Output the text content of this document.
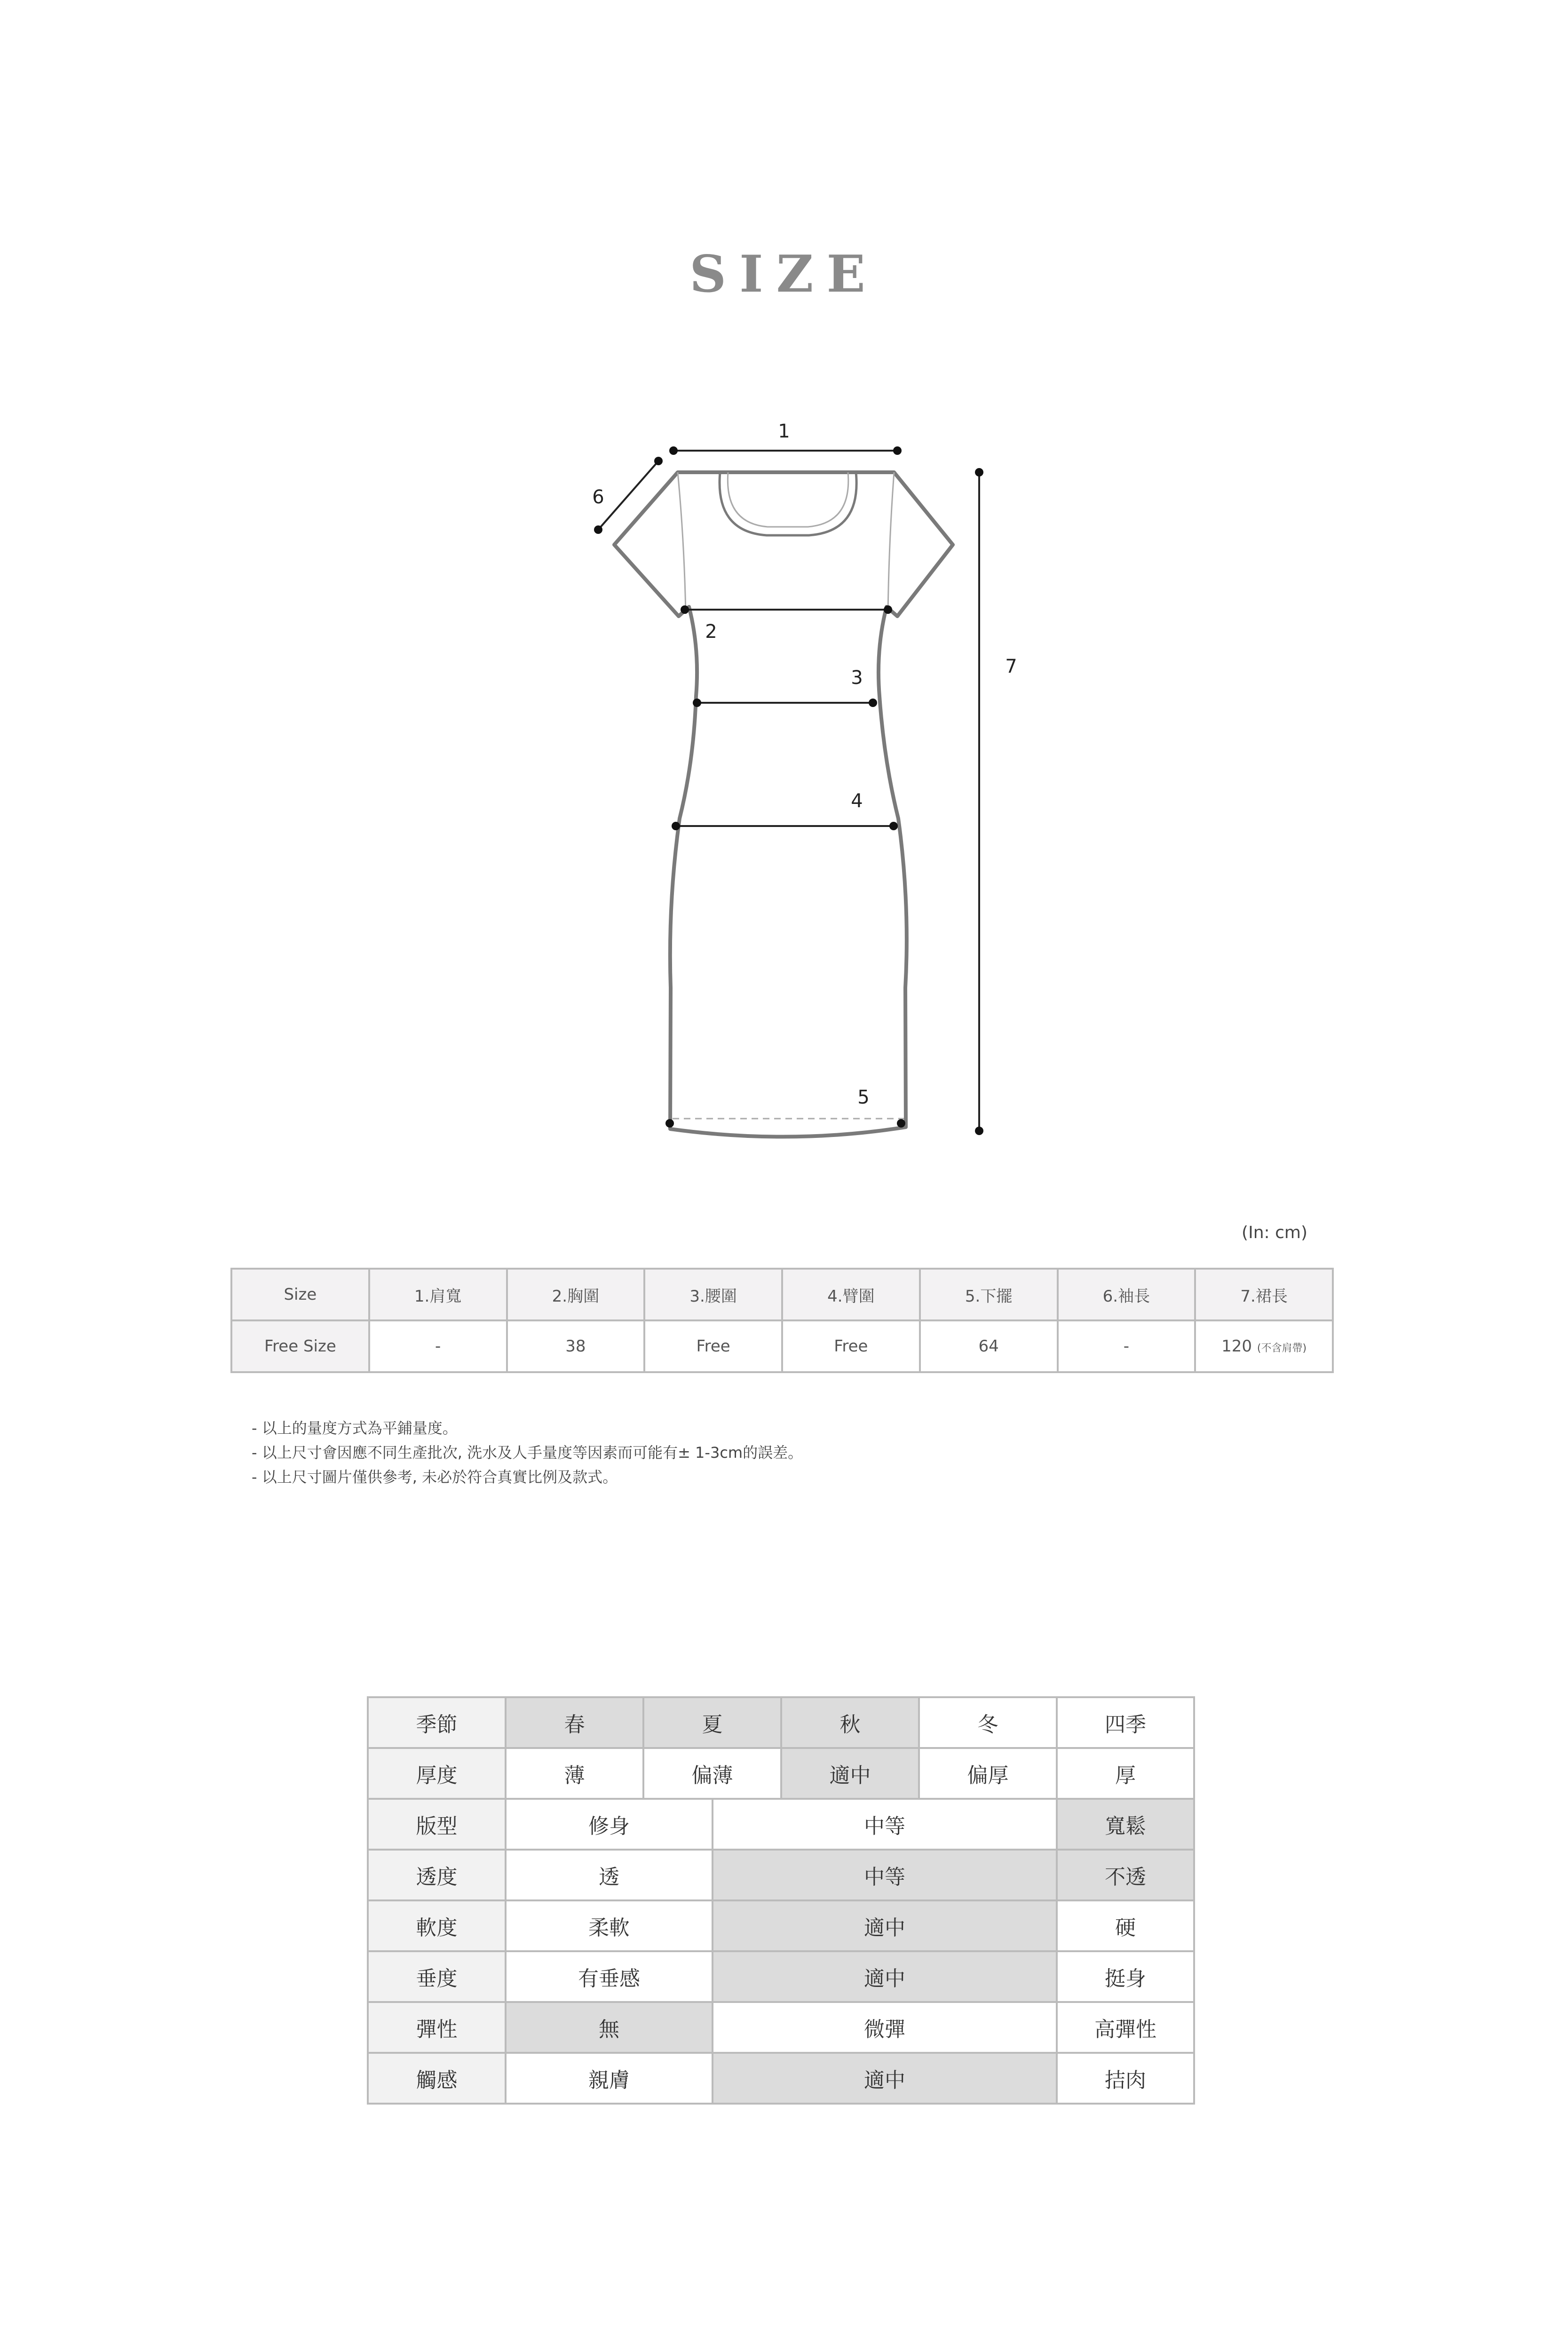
SIZE
1
2
3
4
5
6
7
(In: cm)
Size	1.肩寬	2.胸圍	3.腰圍	4.臂圍	5.下擺	6.袖長	7.裙長
Free Size	-	38	Free	Free	64	-	120 (不含肩帶)
- 以上的量度方式為平鋪量度。
- 以上尺寸會因應不同生產批次, 洗水及人手量度等因素而可能有± 1-3cm的誤差。
- 以上尺寸圖片僅供參考, 未必於符合真實比例及款式。
季節	春	夏		秋	冬	四季
厚度	薄	偏薄		適中	偏厚	厚
版型	修身		中等			寬鬆
透度	透		中等			不透
軟度	柔軟		適中			硬
垂度	有垂感		適中			挺身
彈性	無		微彈			高彈性
觸感	親膚		適中			拮肉
